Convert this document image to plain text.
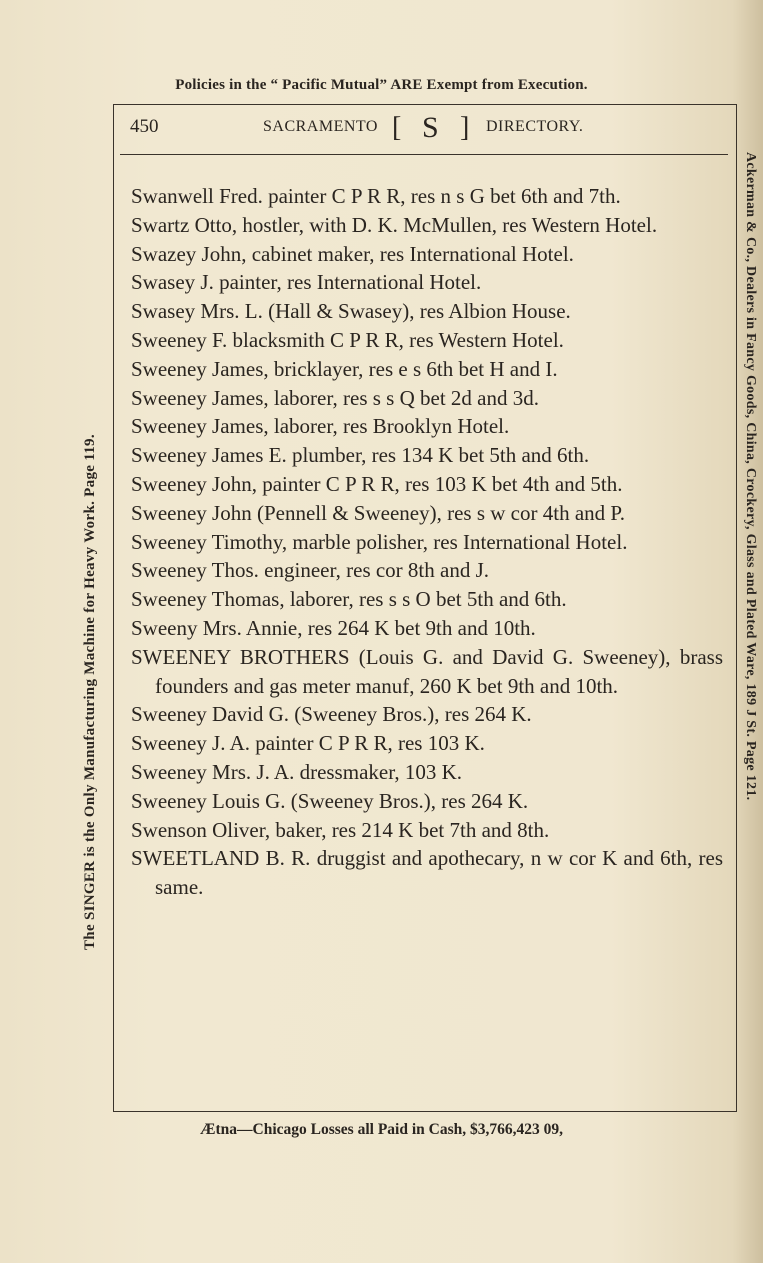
Policies in the “ Pacific Mutual” ARE Exempt from Execution.
450	SACRAMENTO [ S ] DIRECTORY.

Swanwell Fred. painter C P R R, res n s G bet 6th and 7th.

Swartz Otto, hostler, with D. K. McMullen, res Western Hotel.

Swazey John, cabinet maker, res International Hotel.

Swasey J. painter, res International Hotel.

Swasey Mrs. L. (Hall & Swasey), res Albion House.

Sweeney F. blacksmith C P R R, res Western Hotel.

Sweeney James, bricklayer, res e s 6th bet H and I.

Sweeney James, laborer, res s s Q bet 2d and 3d.

Sweeney James, laborer, res Brooklyn Hotel.

Sweeney James E. plumber, res 134 K bet 5th and 6th.

Sweeney John, painter C P R R, res 103 K bet 4th and 5th.

Sweeney John (Pennell & Sweeney), res s w cor 4th and P.

Sweeney Timothy, marble polisher, res International Hotel.

Sweeney Thos. engineer, res cor 8th and J.

Sweeney Thomas, laborer, res s s O bet 5th and 6th.

Sweeny Mrs. Annie, res 264 K bet 9th and 10th.

SWEENEY BROTHERS (Louis G. and David G. Sweeney), brass founders and gas meter manuf, 260 K bet 9th and 10th.

Sweeney David G. (Sweeney Bros.), res 264 K.

Sweeney J. A. painter C P R R, res 103 K.

Sweeney Mrs. J. A. dressmaker, 103 K.

Sweeney Louis G. (Sweeney Bros.), res 264 K.

Swenson Oliver, baker, res 214 K bet 7th and 8th.

SWEETLAND B. R. druggist and apothecary, n w cor K and 6th, res same.

Ætna—Chicago Losses all Paid in Cash, $3,766,423 09,
The SINGER is the Only Manufacturing Machine for Heavy Work. Page 119.	Ackerman & Co., Dealers in Fancy Goods, China, Crockery, Glass and Plated Ware, 189 J St. Page 121.
